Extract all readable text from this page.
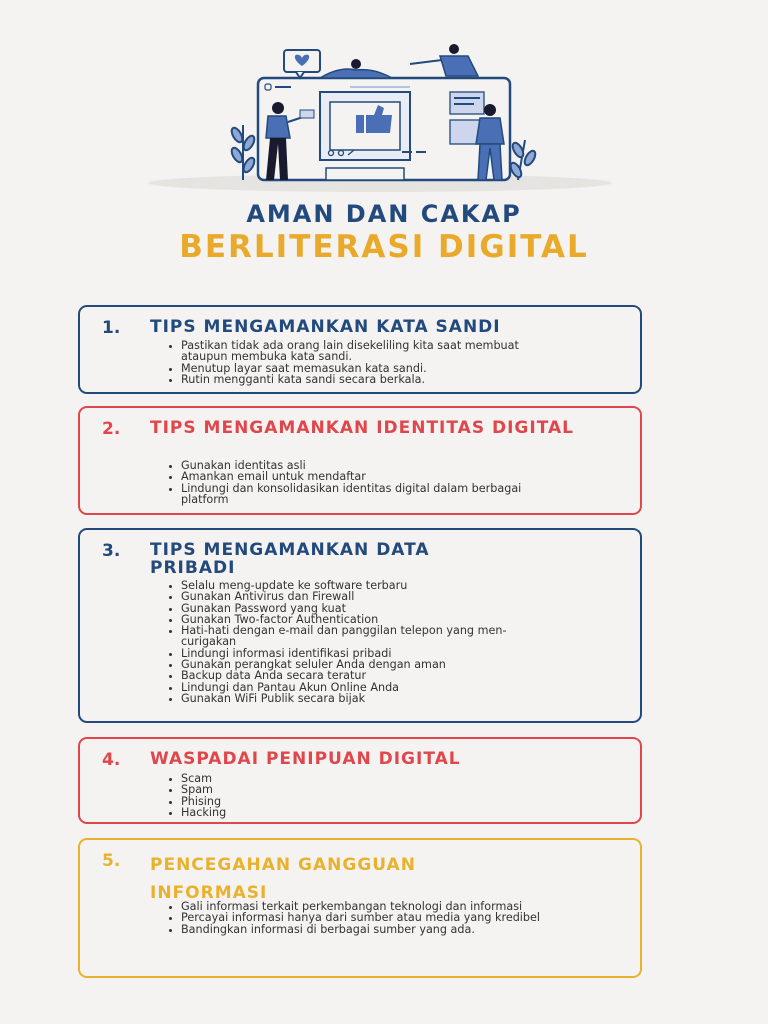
AMAN DAN CAKAP
BERLITERASI DIGITAL
1. TIPS MENGAMANKAN KATA SANDI
• Pastikan tidak ada orang lain disekeliling kita saat membuat ataupun membuka kata sandi.
• Menutup layar saat memasukan kata sandi.
• Rutin mengganti kata sandi secara berkala.
2. TIPS MENGAMANKAN IDENTITAS DIGITAL
• Gunakan identitas asli
• Amankan email untuk mendaftar
• Lindungi dan konsolidasikan identitas digital dalam berbagai platform
3. TIPS MENGAMANKAN DATA PRIBADI
• Selalu meng-update ke software terbaru
• Gunakan Antivirus dan Firewall
• Gunakan Password yang kuat
• Gunakan Two-factor Authentication
• Hati-hati dengan e-mail dan panggilan telepon yang men-curigakan
• Lindungi informasi identifikasi pribadi
• Gunakan perangkat seluler Anda dengan aman
• Backup data Anda secara teratur
• Lindungi dan Pantau Akun Online Anda
• Gunakan WiFi Publik secara bijak
4. WASPADAI PENIPUAN DIGITAL
• Scam
• Spam
• Phising
• Hacking
5. PENCEGAHAN GANGGUAN INFORMASI
• Gali informasi terkait perkembangan teknologi dan informasi
• Percayai informasi hanya dari sumber atau media yang kredibel
• Bandingkan informasi di berbagai sumber yang ada.
